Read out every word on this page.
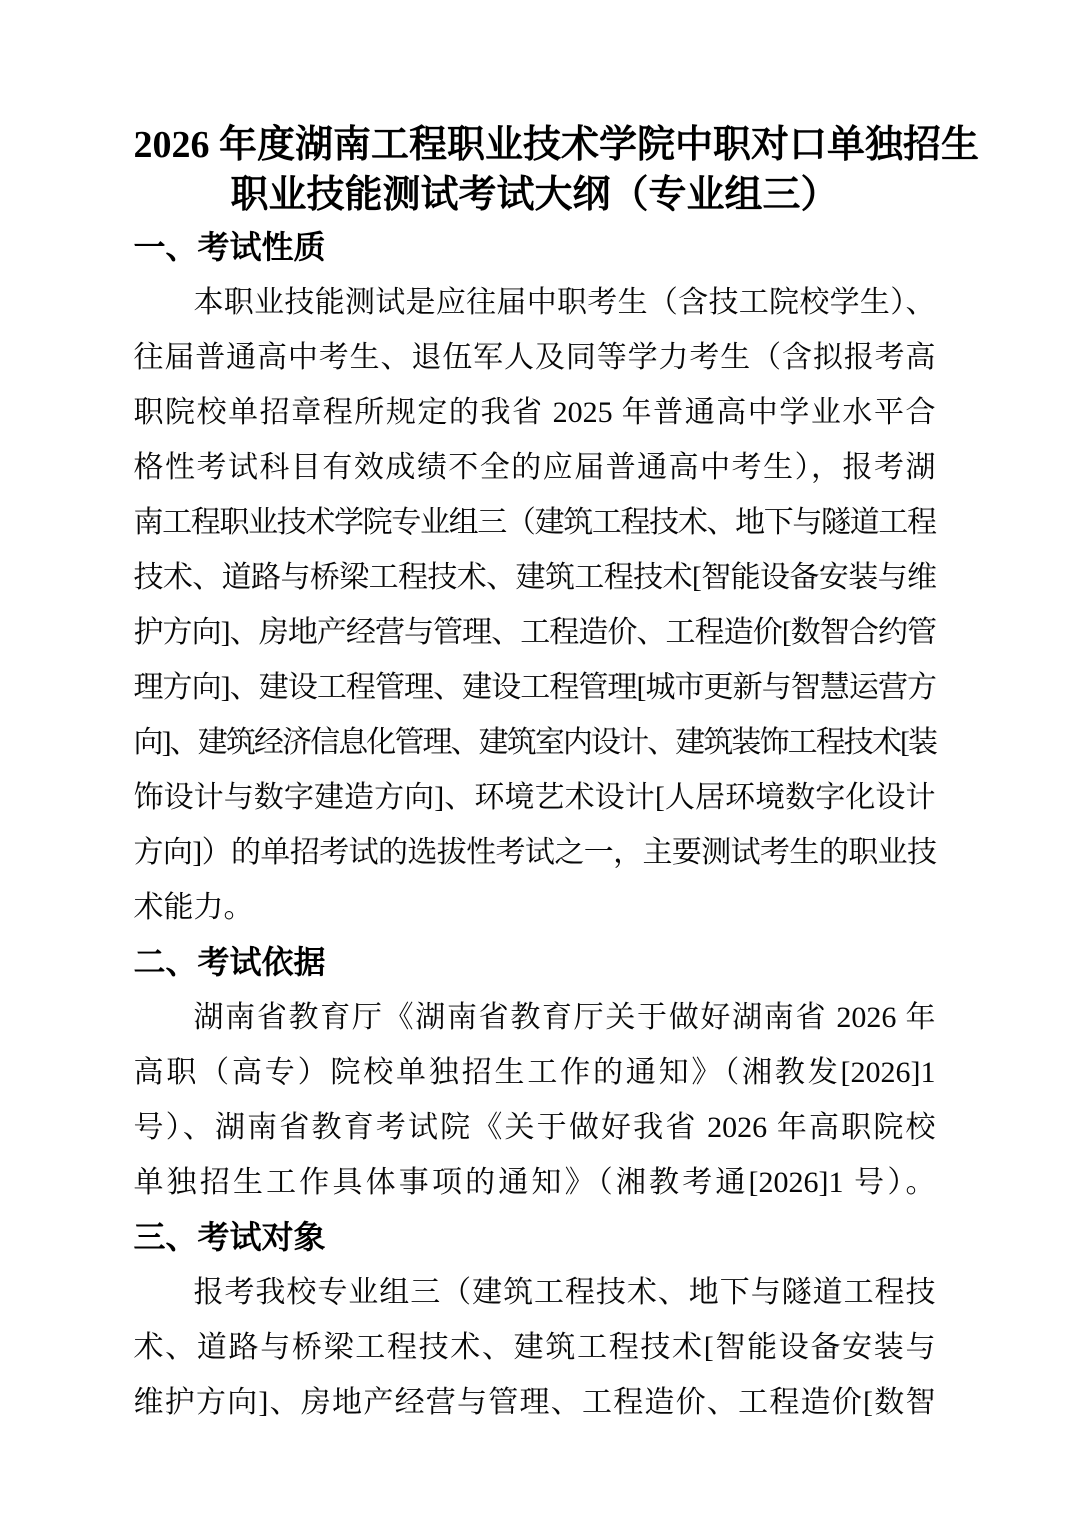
2026 年度湖南工程职业技术学院中职对口单独招生
职业技能测试考试大纲（专业组三）
一、考试性质
本职业技能测试是应往届中职考生（含技工院校学生）、
往届普通高中考生、退伍军人及同等学力考生（含拟报考高
职院校单招章程所规定的我省 2025 年普通高中学业水平合
格性考试科目有效成绩不全的应届普通高中考生），报考湖
南工程职业技术学院专业组三（建筑工程技术、地下与隧道工程
技术、道路与桥梁工程技术、建筑工程技术[智能设备安装与维
护方向]、房地产经营与管理、工程造价、工程造价[数智合约管
理方向]、建设工程管理、建设工程管理[城市更新与智慧运营方
向]、建筑经济信息化管理、建筑室内设计、建筑装饰工程技术[装
饰设计与数字建造方向]、环境艺术设计[人居环境数字化设计
方向]）的单招考试的选拔性考试之一，主要测试考生的职业技
术能力。
二、考试依据
湖南省教育厅《湖南省教育厅关于做好湖南省 2026 年
高职（高专）院校单独招生工作的通知》（湘教发[2026]1
号）、湖南省教育考试院《关于做好我省 2026 年高职院校
单独招生工作具体事项的通知》（湘教考通[2026]1 号）。
三、考试对象
报考我校专业组三（建筑工程技术、地下与隧道工程技
术、道路与桥梁工程技术、建筑工程技术[智能设备安装与
维护方向]、房地产经营与管理、工程造价、工程造价[数智
